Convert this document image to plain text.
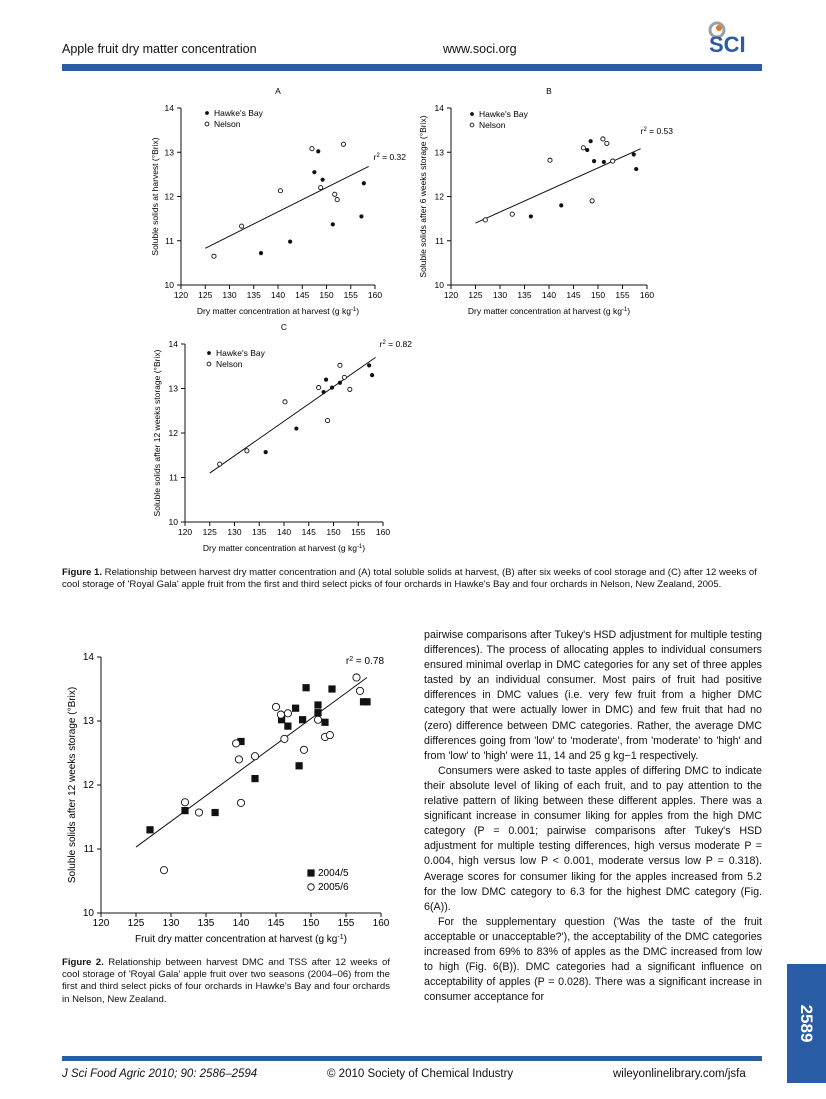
Apple fruit dry matter concentration	www.soci.org	SCI
A
120 125 130 135 140 145 150 155 160
10
11
12
13
14
Dry matter concentration at harvest (g $kg^{-1}$)
Soluble solids at harvest (°Brix)	$r^2 = 0.32$
Hawke's Bay
Nelson
B
120 125 130 135 140 145 150 155 160
10
11
12
13
14
Dry matter concentration at harvest (g $kg^{-1}$)
Soluble solids after 6 weeks storage (°Brix)	$r^2 = 0.53$
Hawke's Bay
Nelson
C
120 125 130 135 140 145 150 155 160
10
11
12
13
14
Dry matter concentration at harvest (g $kg^{-1}$)
Soluble solids after 12 weeks storage (°Brix)
$r^2 = 0.82$
Hawke's Bay
Nelson
120 125 130 135 140 145 150 155 160
10
11
12
13
14
Fruit dry matter concentration at harvest (g $kg^{-1}$)
Soluble solids after 12 weeks storage (°Brix)
$r^2 = 0.78$
2004/5
2005/6
Figure 1. Relationship between harvest dry matter concentration and (A) total soluble solids at harvest, (B) after six weeks of cool storage and (C) after 12 weeks of cool storage of 'Royal Gala' apple fruit from the first and third select picks of four orchards in Hawke's Bay and four orchards in Nelson, New Zealand, 2005.
Figure 2. Relationship between harvest DMC and TSS after 12 weeks of cool storage of 'Royal Gala' apple fruit over two seasons (2004–06) from the first and third select picks of four orchards in Hawke's Bay and four orchards in Nelson, New Zealand.

pairwise comparisons after Tukey's HSD adjustment for multiple testing differences). The process of allocating apples to individual consumers ensured minimal overlap in DMC categories for any set of three apples tasted by an individual consumer. Most pairs of fruit had positive differences in DMC values (i.e. very few fruit from a higher DMC category that were actually lower in DMC) and few fruit that had no (zero) difference between DMC categories. Rather, the average DMC differences going from 'low' to 'moderate', from 'moderate' to 'high' and from 'low' to 'high' were 11, 14 and 25 g kg−1 respectively.

Consumers were asked to taste apples of differing DMC to indicate their absolute level of liking of each fruit, and to pay attention to the relative pattern of liking between these different apples. There was a significant increase in consumer liking for apples from the high DMC category (P = 0.001; pairwise comparisons after Tukey's HSD adjustment for multiple testing differences, high versus moderate P = 0.004, high versus low P < 0.001, moderate versus low P = 0.318). Average scores for consumer liking for the apples increased from 5.2 for the low DMC category to 6.3 for the highest DMC category (Fig. 6(A)).

For the supplementary question ('Was the taste of the fruit acceptable or unacceptable?'), the acceptability of the DMC categories increased from 69% to 83% of apples as the DMC increased from low to high (Fig. 6(B)). DMC categories had a significant influence on acceptability of apples (P = 0.028). There was a significant increase in consumer acceptance for

2589
J Sci Food Agric 2010; 90: 2586–2594	© 2010 Society of Chemical Industry	wileyonlinelibrary.com/jsfa
